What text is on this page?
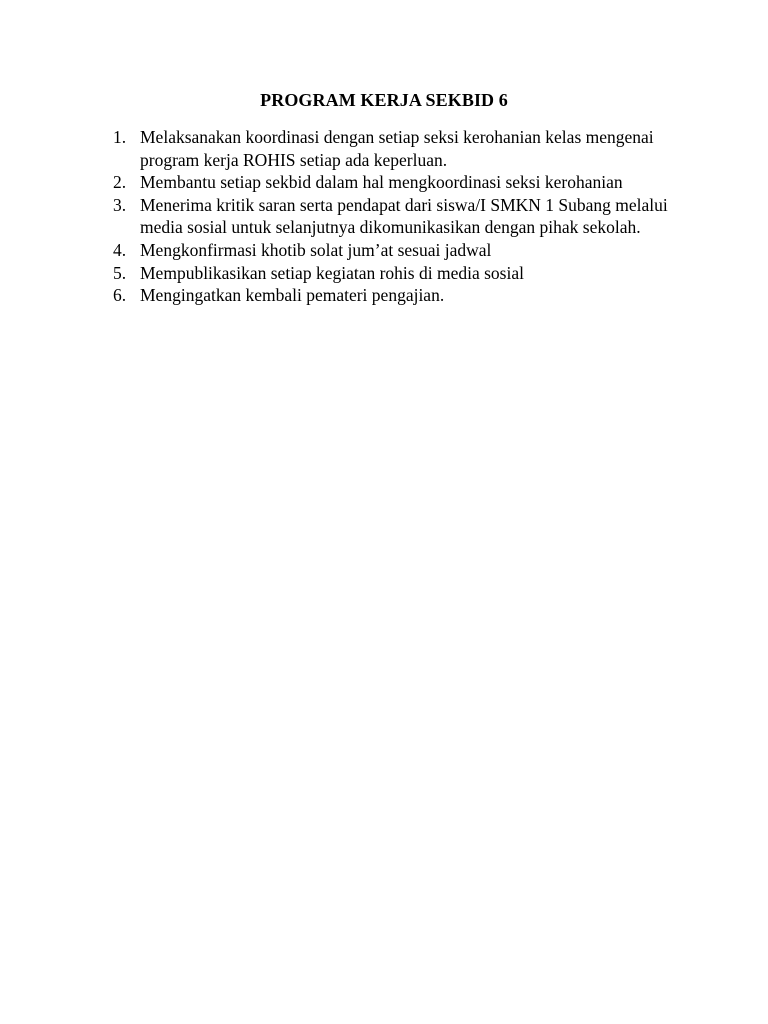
PROGRAM KERJA SEKBID 6
1. Melaksanakan koordinasi dengan setiap seksi kerohanian kelas mengenai program kerja ROHIS setiap ada keperluan.
2. Membantu setiap sekbid dalam hal mengkoordinasi seksi kerohanian
3. Menerima kritik saran serta pendapat dari siswa/I SMKN 1 Subang melalui media sosial untuk selanjutnya dikomunikasikan dengan pihak sekolah.
4. Mengkonfirmasi khotib solat jum’at sesuai jadwal
5. Mempublikasikan setiap kegiatan rohis di media sosial
6. Mengingatkan kembali pemateri pengajian.
